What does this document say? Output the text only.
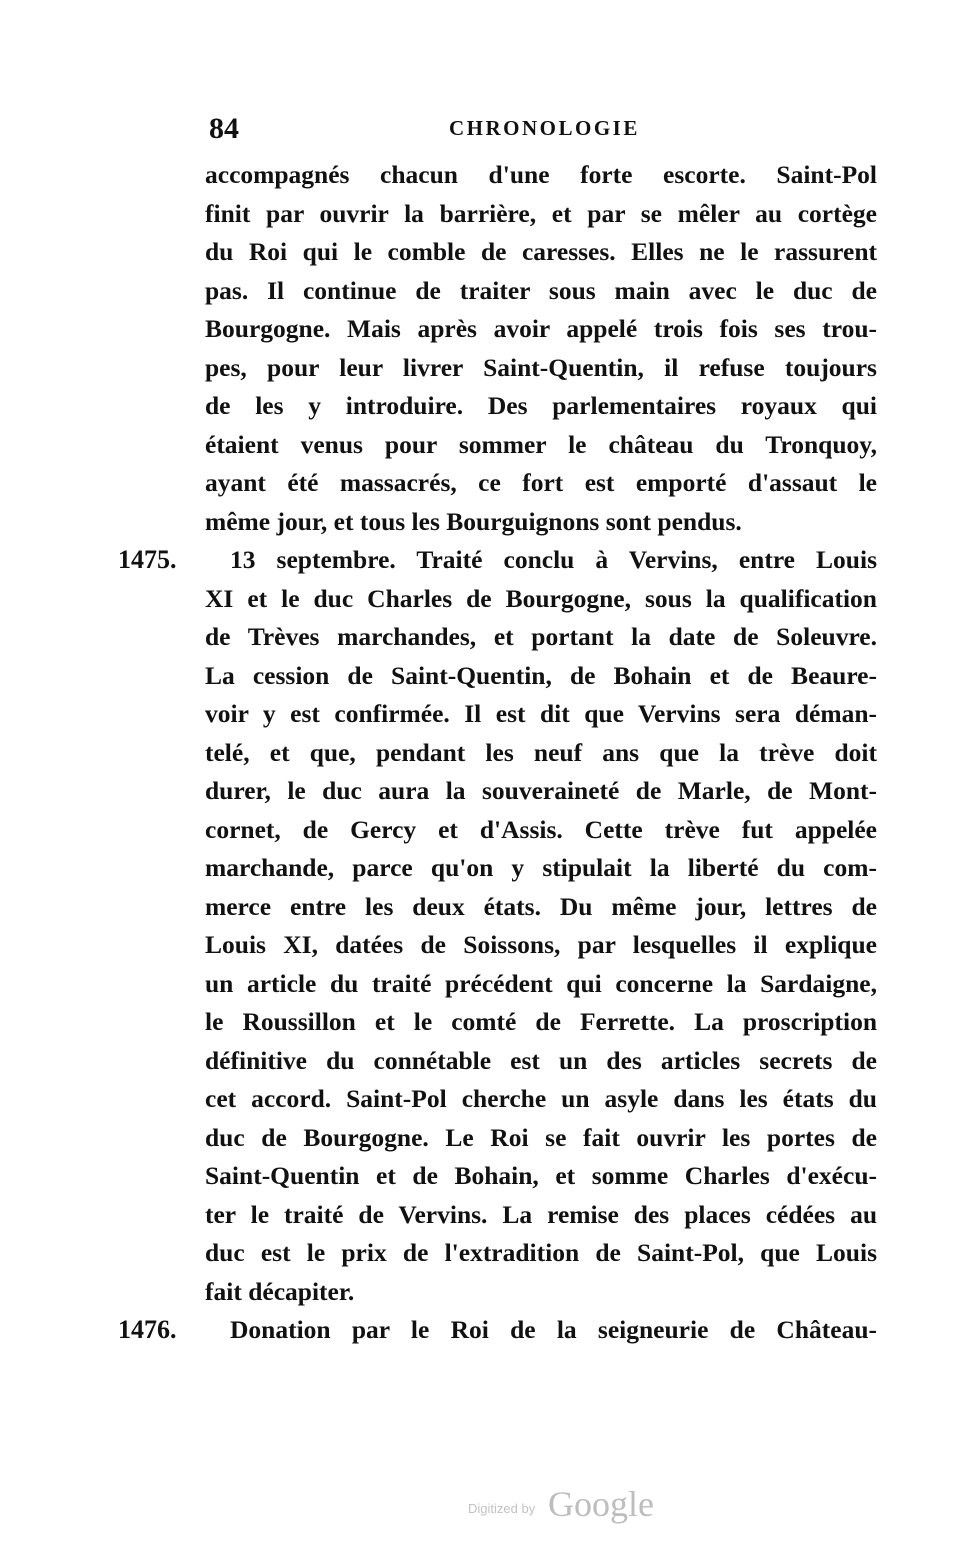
84	CHRONOLOGIE
accompagnés chacun d'une forte escorte. Saint-Pol
finit par ouvrir la barrière, et par se mêler au cortège
du Roi qui le comble de caresses. Elles ne le rassurent
pas. Il continue de traiter sous main avec le duc de
Bourgogne. Mais après avoir appelé trois fois ses trou-
pes, pour leur livrer Saint-Quentin, il refuse toujours
de les y introduire. Des parlementaires royaux qui
étaient venus pour sommer le château du Tronquoy,
ayant été massacrés, ce fort est emporté d'assaut le
même jour, et tous les Bourguignons sont pendus.
1475. 13 septembre. Traité conclu à Vervins, entre Louis
XI et le duc Charles de Bourgogne, sous la qualification
de Trèves marchandes, et portant la date de Soleuvre.
La cession de Saint-Quentin, de Bohain et de Beaure-
voir y est confirmée. Il est dit que Vervins sera déman-
telé, et que, pendant les neuf ans que la trève doit
durer, le duc aura la souveraineté de Marle, de Mont-
cornet, de Gercy et d'Assis. Cette trève fut appelée
marchande, parce qu'on y stipulait la liberté du com-
merce entre les deux états. Du même jour, lettres de
Louis XI, datées de Soissons, par lesquelles il explique
un article du traité précédent qui concerne la Sardaigne,
le Roussillon et le comté de Ferrette. La proscription
définitive du connétable est un des articles secrets de
cet accord. Saint-Pol cherche un asyle dans les états du
duc de Bourgogne. Le Roi se fait ouvrir les portes de
Saint-Quentin et de Bohain, et somme Charles d'exécu-
ter le traité de Vervins. La remise des places cédées au
duc est le prix de l'extradition de Saint-Pol, que Louis
fait décapiter.
1476. Donation par le Roi de la seigneurie de Château-
Digitized by Google
